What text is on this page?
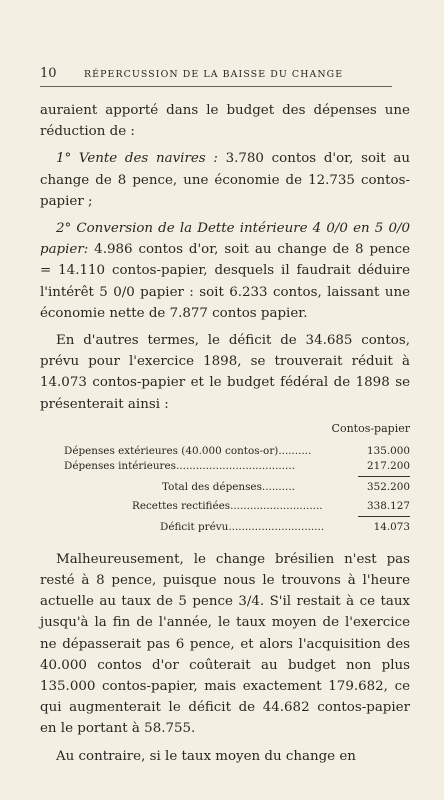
10	RÉPERCUSSION DE LA BAISSE DU CHANGE

auraient apporté dans le budget des dépenses une réduction de :

1° Vente des navires : 3.780 contos d'or, soit au change de 8 pence, une économie de 12.735 contos-papier ;

2° Conversion de la Dette intérieure 4 0/0 en 5 0/0 papier: 4.986 contos d'or, soit au change de 8 pence = 14.110 contos-papier, desquels il faudrait déduire l'intérêt 5 0/0 papier : soit 6.233 contos, laissant une économie nette de 7.877 contos papier.

En d'autres termes, le déficit de 34.685 contos, prévu pour l'exercice 1898, se trouverait réduit à 14.073 contos-papier et le budget fédéral de 1898 se présenterait ainsi :

Contos-papier
Dépenses extérieures (40.000 contos-or)..........	135.000
Dépenses intérieures....................................	217.200
Total des dépenses..........	352.200
Recettes rectifiées............................	338.127
Déficit prévu.............................	14.073

Malheureusement, le change brésilien n'est pas resté à 8 pence, puisque nous le trouvons à l'heure actuelle au taux de 5 pence 3/4. S'il restait à ce taux jusqu'à la fin de l'année, le taux moyen de l'exercice ne dépasserait pas 6 pence, et alors l'acquisition des 40.000 contos d'or coûterait au budget non plus 135.000 contos-papier, mais exactement 179.682, ce qui augmenterait le déficit de 44.682 contos-papier en le portant à 58.755.

Au contraire, si le taux moyen du change en
